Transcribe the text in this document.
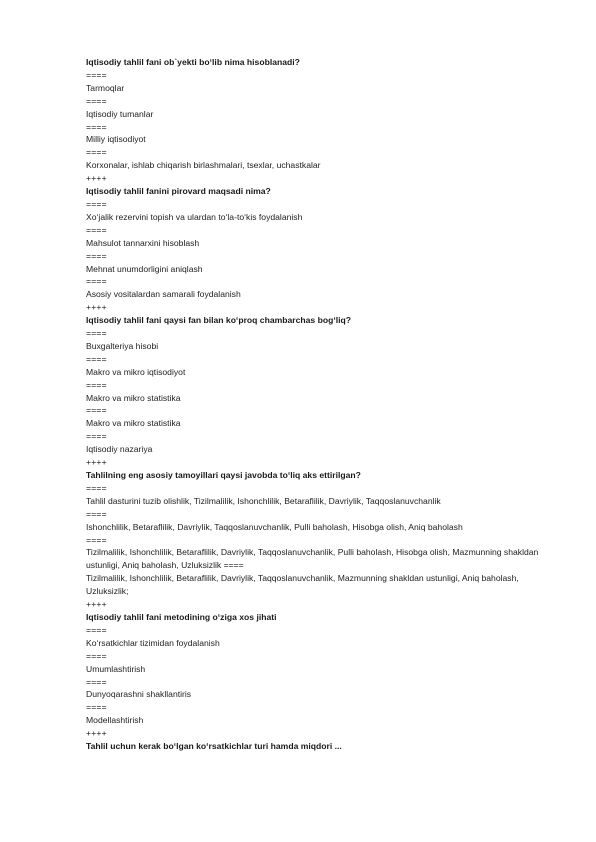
Iqtisodiy tahlil fani ob`yekti bo‘lib nima hisoblanadi?
====
Tarmoqlar
====
Iqtisodiy tumanlar
====
Milliy iqtisodiyot
====
Korxonalar, ishlab chiqarish birlashmalari, tsexlar, uchastkalar
++++
Iqtisodiy tahlil fanini pirovard maqsadi nima?
====
Xo‘jalik rezervini topish va ulardan to‘la-to‘kis foydalanish
====
Mahsulot tannarxini hisoblash
====
Mehnat unumdorligini aniqlash
====
Asosiy vositalardan samarali foydalanish
++++
Iqtisodiy tahlil fani qaysi fan bilan ko‘proq chambarchas bog‘liq?
====
Buxgalteriya hisobi
====
Makro va mikro iqtisodiyot
====
Makro va mikro statistika
====
Makro va mikro statistika
====
Iqtisodiy nazariya
++++
Tahlilning eng asosiy tamoyillari qaysi javobda to‘liq aks ettirilgan?
====
Tahlil dasturini tuzib olishlik, Tizilmalilik, Ishonchlilik, Betaraflilik, Davriylik, Taqqoslanuvchanlik
====
Ishonchlilik, Betaraflilik, Davriylik, Taqqoslanuvchanlik, Pulli baholash, Hisobga olish, Aniq baholash
====
Tizilmalilik, Ishonchlilik, Betaraflilik, Davriylik, Taqqoslanuvchanlik, Pulli baholash, Hisobga olish, Mazmunning shakldan ustunligi, Aniq baholash, Uzluksizlik ====
Tizilmalilik, Ishonchlilik, Betaraflilik, Davriylik, Taqqoslanuvchanlik, Mazmunning shakldan ustunligi, Aniq baholash, Uzluksizlik;
++++
Iqtisodiy tahlil fani metodining o‘ziga xos jihati
====
Ko‘rsatkichlar tizimidan foydalanish
====
Umumlashtirish
====
Dunyoqarashni shakllantiris
====
Modellashtirish
++++
Tahlil uchun kerak bo‘lgan ko‘rsatkichlar turi hamda miqdori ...
